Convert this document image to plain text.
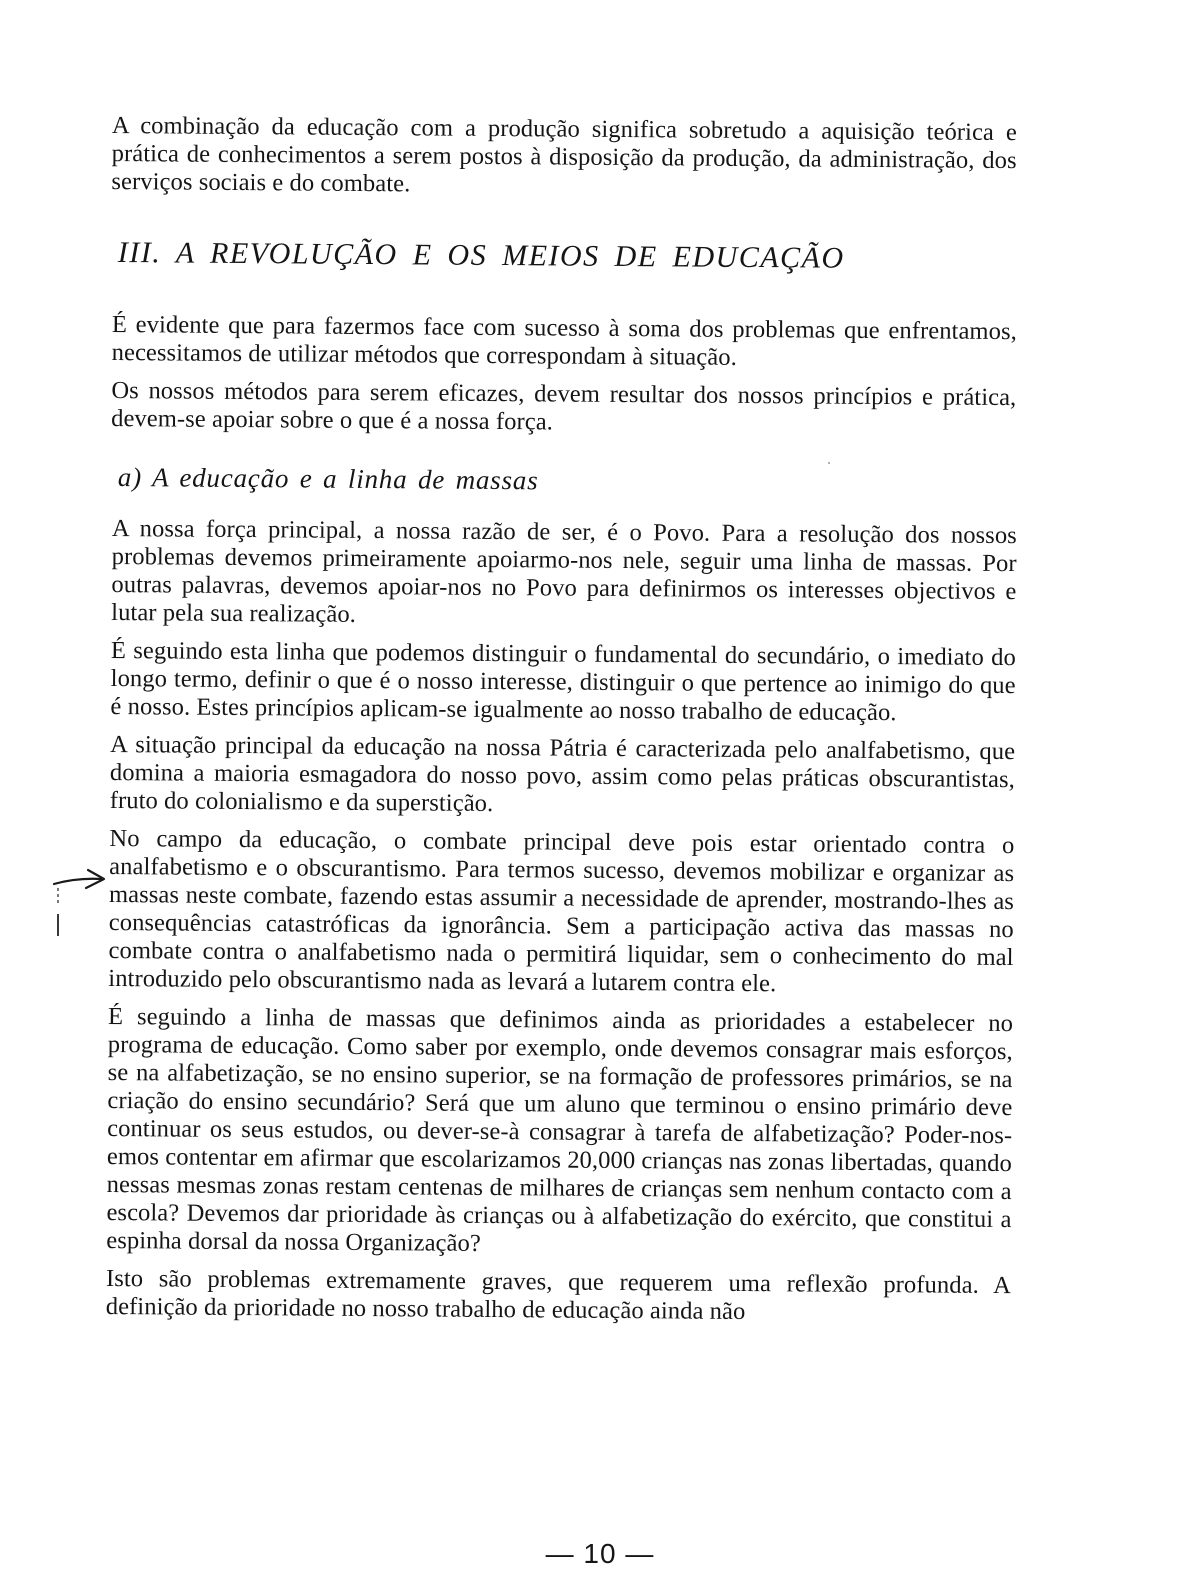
A combinação da educação com a produção significa sobretudo a aquisição teórica e prática de conhecimentos a serem postos à disposição da produção, da administração, dos serviços sociais e do combate.

III. A REVOLUÇÃO E OS MEIOS DE EDUCAÇÃO

É evidente que para fazermos face com sucesso à soma dos problemas que enfrentamos, necessitamos de utilizar métodos que correspondam à situação.

Os nossos métodos para serem eficazes, devem resultar dos nossos princípios e prática, devem-se apoiar sobre o que é a nossa força.

a) A educação e a linha de massas

A nossa força principal, a nossa razão de ser, é o Povo. Para a resolução dos nossos problemas devemos primeiramente apoiarmo-nos nele, seguir uma linha de massas. Por outras palavras, devemos apoiar-nos no Povo para definirmos os interesses objectivos e lutar pela sua realização.

É seguindo esta linha que podemos distinguir o fundamental do secundário, o imediato do longo termo, definir o que é o nosso interesse, distinguir o que pertence ao inimigo do que é nosso. Estes princípios aplicam-se igualmente ao nosso trabalho de educação.

A situação principal da educação na nossa Pátria é caracterizada pelo analfabetismo, que domina a maioria esmagadora do nosso povo, assim como pelas práticas obscurantistas, fruto do colonialismo e da superstição.

No campo da educação, o combate principal deve pois estar orientado contra o analfabetismo e o obscurantismo. Para termos sucesso, devemos mobilizar e organizar as massas neste combate, fazendo estas assumir a necessidade de aprender, mostrando-lhes as consequências catastróficas da ignorância. Sem a participação activa das massas no combate contra o analfabetismo nada o permitirá liquidar, sem o conhecimento do mal introduzido pelo obscurantismo nada as levará a lutarem contra ele.

É seguindo a linha de massas que definimos ainda as prioridades a estabelecer no programa de educação. Como saber por exemplo, onde devemos consagrar mais esforços, se na alfabetização, se no ensino superior, se na formação de professores primários, se na criação do ensino secundário? Será que um aluno que terminou o ensino primário deve continuar os seus estudos, ou dever-se-à consagrar à tarefa de alfabetização? Poder-nos-emos contentar em afirmar que escolarizamos 20,000 crianças nas zonas libertadas, quando nessas mesmas zonas restam centenas de milhares de crianças sem nenhum contacto com a escola? Devemos dar prioridade às crianças ou à alfabetização do exército, que constitui a espinha dorsal da nossa Organização?

Isto são problemas extremamente graves, que requerem uma reflexão profunda. A definição da prioridade no nosso trabalho de educação ainda não

— 10 —
